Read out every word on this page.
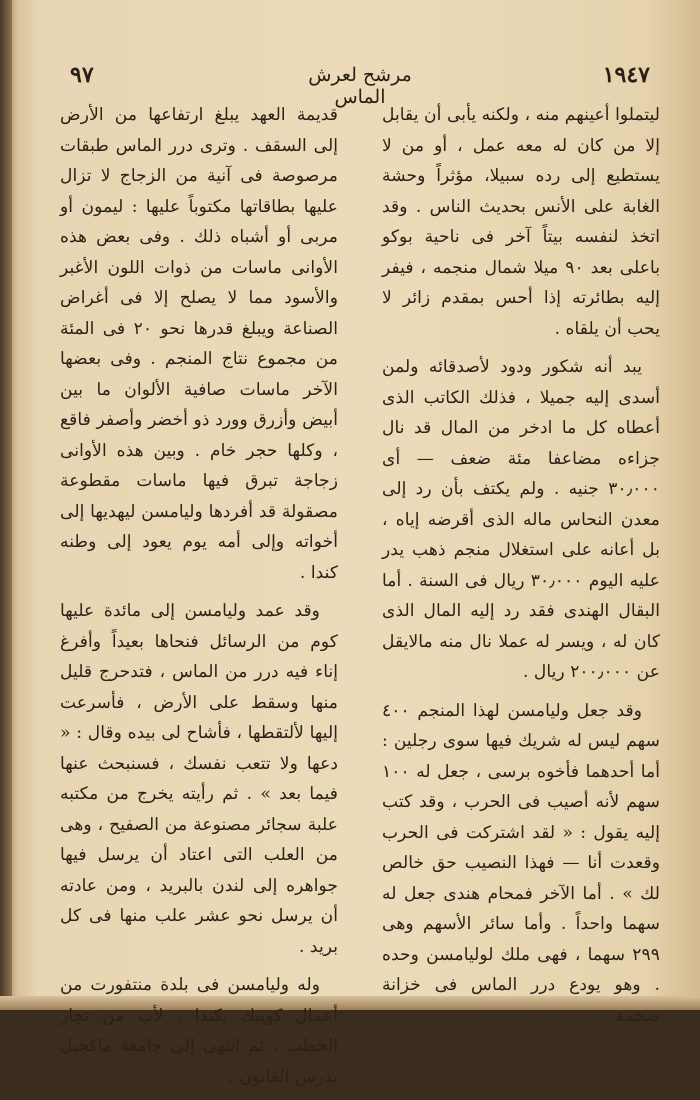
١٩٤٧
مرشح لعرش الماس
٩٧

ليتملوا أعينهم منه ، ولكنه يأبى أن يقابل إلا من كان له معه عمل ، أو من لا يستطيع إلى رده سبيلا، مؤثراً وحشة الغابة على الأنس بحديث الناس . وقد اتخذ لنفسه بيتاً آخر فى ناحية بوكو باعلى بعد ٩٠ ميلا شمال منجمه ، فيفر إليه بطائرته إذا أحس بمقدم زائر لا يحب أن يلقاه .

يبد أنه شكور ودود لأصدقائه ولمن أسدى إليه جميلا ، فذلك الكاتب الذى أعطاه كل ما ادخر من المال قد نال جزاءه مضاعفا مئة ضعف — أى ٣٠٫٠٠٠ جنيه . ولم يكتف بأن رد إلى معدن النحاس ماله الذى أقرضه إياه ، بل أعانه على استغلال منجم ذهب يدر عليه اليوم ٣٠٫٠٠٠ ريال فى السنة . أما البقال الهندى فقد رد إليه المال الذى كان له ، ويسر له عملا نال منه مالايقل عن ٢٠٠٫٠٠٠ ريال .

وقد جعل وليامسن لهذا المنجم ٤٠٠ سهم ليس له شريك فيها سوى رجلين : أما أحدهما فأخوه برسى ، جعل له ١٠٠ سهم لأنه أصيب فى الحرب ، وقد كتب إليه يقول : « لقد اشتركت فى الحرب وقعدت أنا — فهذا النصيب حق خالص لك » . أما الآخر فمحام هندى جعل له سهما واحداً . وأما سائر الأسهم وهى ٢٩٩ سهما ، فهى ملك لوليامسن وحده . وهو يودع درر الماس فى خزانة ضخمة

قديمة العهد يبلغ ارتفاعها من الأرض إلى السقف . وترى درر الماس طبقات مرصوصة فى آنية من الزجاج لا تزال عليها بطاقاتها مكتوباً عليها : ليمون أو مربى أو أشباه ذلك . وفى بعض هذه الأوانى ماسات من ذوات اللون الأغبر والأسود مما لا يصلح إلا فى أغراض الصناعة ويبلغ قدرها نحو ٢٠ فى المئة من مجموع نتاج المنجم . وفى بعضها الآخر ماسات صافية الألوان ما بين أبيض وأزرق وورد ذو أخضر وأصفر فاقع ، وكلها حجر خام . وبين هذه الأوانى زجاجة تبرق فيها ماسات مقطوعة مصقولة قد أفردها وليامسن ليهديها إلى أخواته وإلى أمه يوم يعود إلى وطنه كندا .

وقد عمد وليامسن إلى مائدة عليها كوم من الرسائل فنحاها بعيداً وأفرغ إناء فيه درر من الماس ، فتدحرج قليل منها وسقط على الأرض ، فأسرعت إليها لألتقطها ، فأشاح لى بيده وقال : « دعها ولا تتعب نفسك ، فسنبحث عنها فيما بعد » . ثم رأيته يخرج من مكتبه علبة سجائر مصنوعة من الصفيح ، وهى من العلب التى اعتاد أن يرسل فيها جواهره إلى لندن بالبريد ، ومن عادته أن يرسل نحو عشر علب منها فى كل بريد .

وله وليامسن فى بلدة منتفورت من أعمال كويبك بكندا ، لأب من تجار الحطب ، ثم انتهى إلى جامعة ماكجيل يدرس القانون .
